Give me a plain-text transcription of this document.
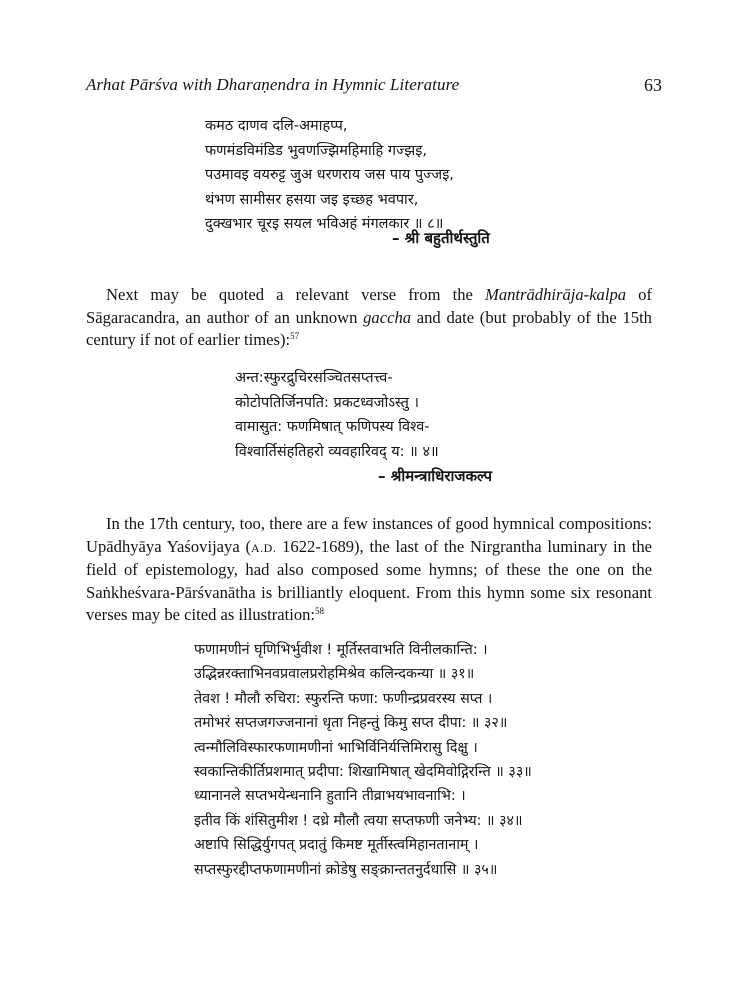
Arhat Pārśva with Dharaṇendra in Hymnic Literature	63
कमठ दाणव दलि-अमाहप्प,
फणमंडविमंडिड भुवणज्झिमहिमाहि गज्झइ,
पउमावइ वयरुट्ट जुअ धरणराय जस पाय पुज्जइ,
थंभण सामीसर हसया जइ इच्छह भवपार,
दुक्खभार चूरइ सयल भविअहं मंगलकार ॥ ८॥
– श्री बहुतीर्थस्तुति

Next may be quoted a relevant verse from the Mantrādhirāja-kalpa of Sāgaracandra, an author of an unknown gaccha and date (but probably of the 15th century if not of earlier times):$^{57}$

अन्त:स्फुरद्रुचिरसञ्चितसप्तत्त्व-
कोटोपतिर्जिनपति: प्रकटध्वजोऽस्तु ।
वामासुत: फणमिषात् फणिपस्य विश्व-
विश्वार्तिसंहतिहरो व्यवहारिवद् य: ॥ ४॥
– श्रीमन्त्राधिराजकल्प

In the 17th century, too, there are a few instances of good hymnical compositions: Upādhyāya Yaśovijaya (A.D. 1622-1689), the last of the Nirgrantha luminary in the field of epistemology, had also composed some hymns; of these the one on the Saṅkheśvara-Pārśvanātha is brilliantly eloquent. From this hymn some six resonant verses may be cited as illustration:$^{58}$

फणामणीनं घृणिभिर्भुवीश ! मूर्तिस्तवाभति विनीलकान्ति: ।
उद्भिन्नरक्ताभिनवप्रवालप्ररोहमिश्रेव कलिन्दकन्या ॥ ३१॥
तेवश ! मौलौ रुचिरा: स्फुरन्ति फणा: फणीन्द्रप्रवरस्य सप्त ।
तमोभरं सप्तजगज्जनानां धृता निहन्तुं किमु सप्त दीपा: ॥ ३२॥
त्वन्मौलिविस्फारफणामणीनां भाभिर्विनिर्यत्तिमिरासु दिक्षु ।
स्वकान्तिकीर्तिप्रशमात् प्रदीपा: शिखामिषात् खेदमिवोद्गिरन्ति ॥ ३३॥
ध्यानानले सप्तभयेन्धनानि हुतानि तीव्राभयभावनाभि: ।
इतीव किं शंसितुमीश ! दध्रे मौलौ त्वया सप्तफणी जनेभ्य: ॥ ३४॥
अष्टापि सिद्धिर्युगपत् प्रदातुं किमष्ट मूर्तीस्त्वमिहानतानाम् ।
सप्तस्फुरद्दीप्तफणामणीनां क्रोडेषु सङ्क्रान्ततनुर्दधासि ॥ ३५॥
